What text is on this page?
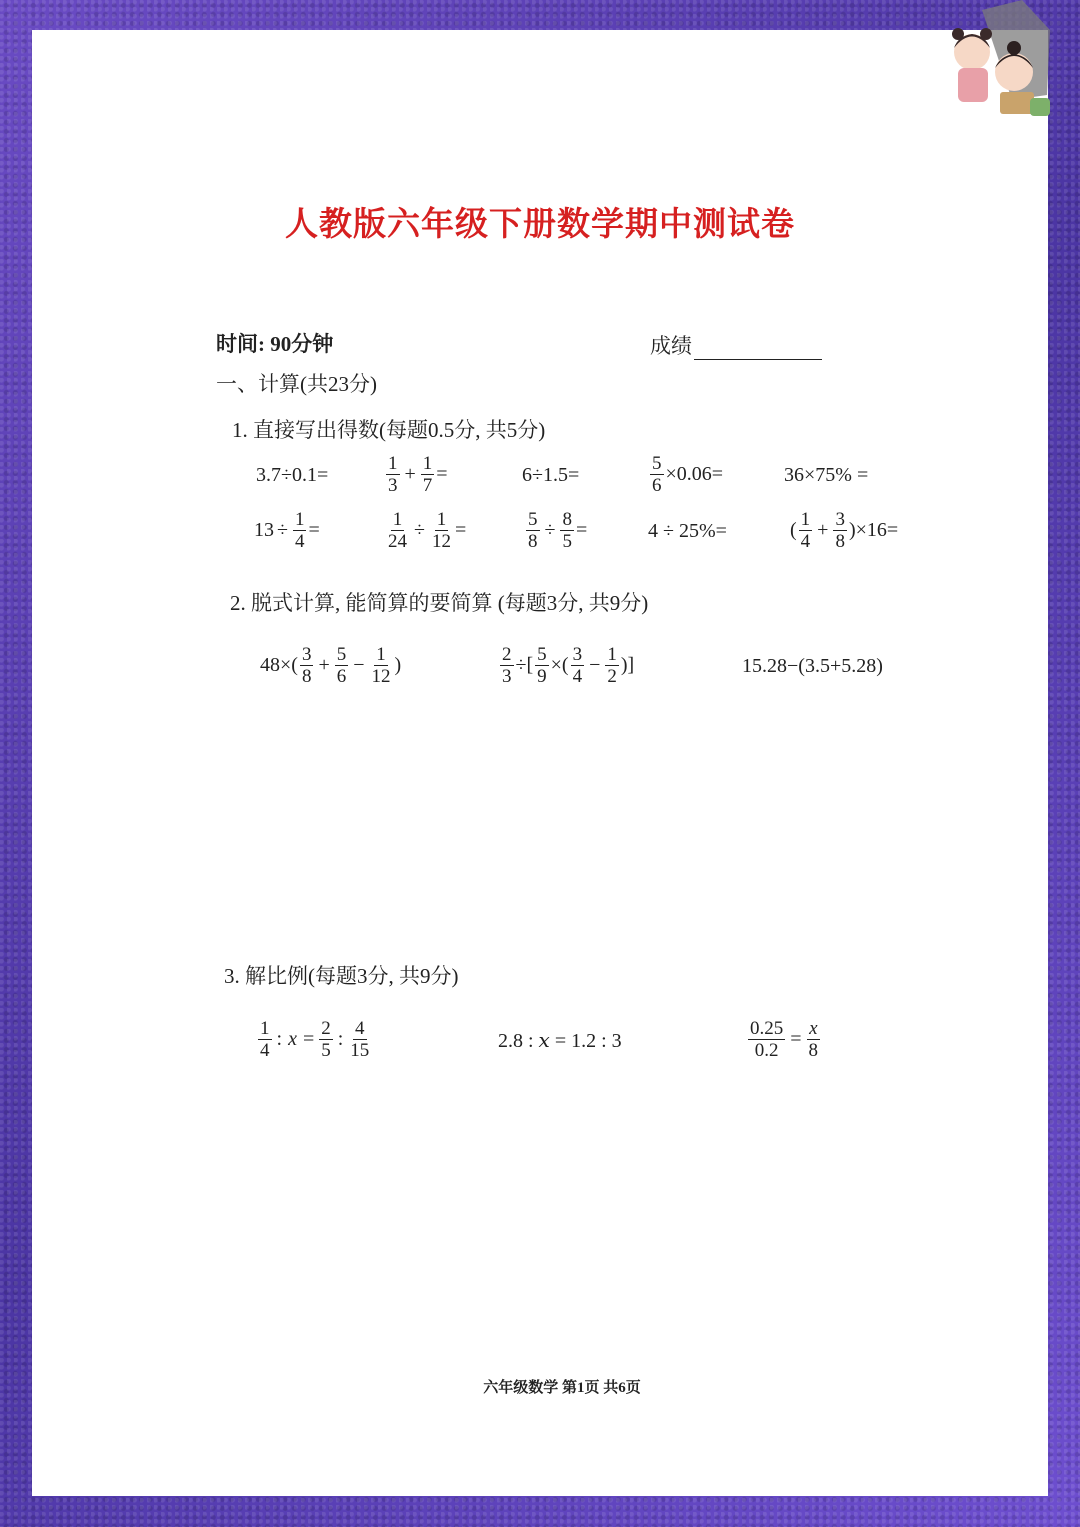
人教版六年级下册数学期中测试卷
时间: 90分钟	成绩
一、计算(共23分)
1. 直接写出得数(每题0.5分, 共5分)
3.7÷0.1=	$\frac{1}{3} + \frac{1}{7}$ =	6÷1.5=	$\frac{5}{6} \times 0.06=$	36×75% =
$13 \div \frac{1}{4}$ =	$\frac{1}{24} \div \frac{1}{12}$ =	$\frac{5}{8} \div \frac{8}{5}$ =	4 ÷ 25%=	( $\frac{1}{4} + \frac{3}{8} )\times 16=$
2. 脱式计算, 能简算的要简算 (每题3分, 共9分)
$48\times( \frac{3}{8} + \frac{5}{6} - \frac{1}{12}$ )	$\frac{2}{3}$ ÷[ $\frac{5}{9}$ ×( $\frac{3}{4} - \frac{1}{2}$ )]	15.28−(3.5+5.28)
3. 解比例(每题3分, 共9分)
$\frac{1}{4}$ : $x = \frac{2}{5}$ : $\frac{4}{15}$	2.8 : 𝑥 = 1.2 : 3	$\frac{0.25}{0.2} = \frac{x}{8}$
六年级数学 第1页 共6页
